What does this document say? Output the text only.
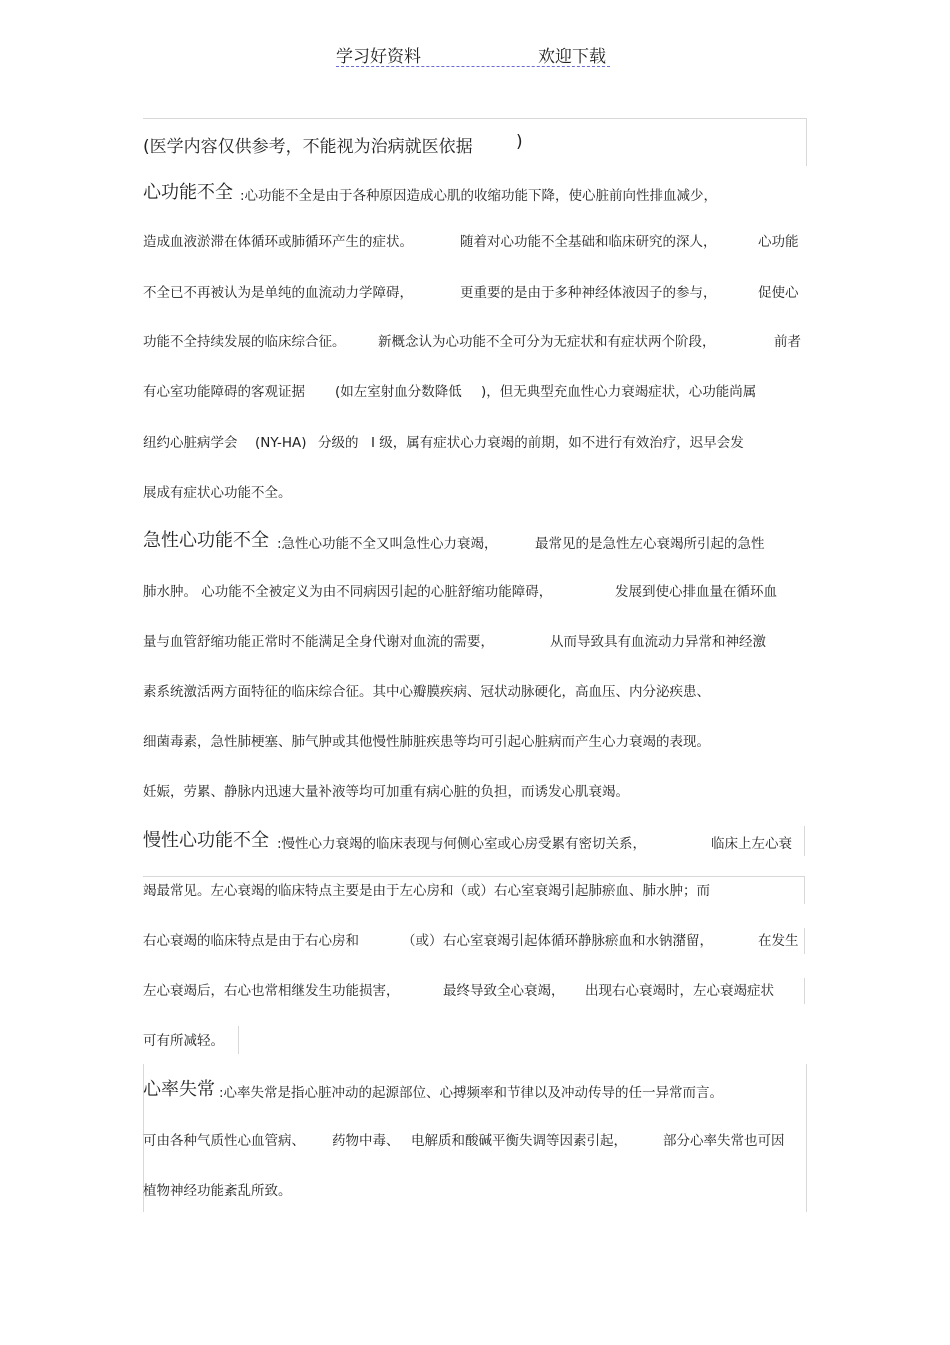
学习好资料	欢迎下载
(医学内容仅供参考，不能视为治病就医依据	)
心功能不全 :心功能不全是由于各种原因造成心肌的收缩功能下降，使心脏前向性排血减少，
造成血液淤滞在体循环或肺循环产生的症状。	随着对心功能不全基础和临床研究的深人，	心功能
不全已不再被认为是单纯的血流动力学障碍，	更重要的是由于多种神经体液因子的参与，	促使心
功能不全持续发展的临床综合征。 新概念认为心功能不全可分为无症状和有症状两个阶段，	前者
有心室功能障碍的客观证据 (如左室射血分数降低 )，但无典型充血性心力衰竭症状，心功能尚属
纽约心脏病学会 (NY-HA) 分级的 I 级，属有症状心力衰竭的前期，如不进行有效治疗，迟早会发
展成有症状心功能不全。
急性心功能不全 :急性心功能不全又叫急性心力衰竭，	最常见的是急性左心衰竭所引起的急性
肺水肿。 心功能不全被定义为由不同病因引起的心脏舒缩功能障碍，	发展到使心排血量在循环血
量与血管舒缩功能正常时不能满足全身代谢对血流的需要，	从而导致具有血流动力异常和神经激
素系统激活两方面特征的临床综合征。其中心瓣膜疾病、冠状动脉硬化，高血压、内分泌疾患、
细菌毒素，急性肺梗塞、肺气肿或其他慢性肺脏疾患等均可引起心脏病而产生心力衰竭的表现。
妊娠，劳累、静脉内迅速大量补液等均可加重有病心脏的负担，而诱发心肌衰竭。
慢性心功能不全 :慢性心力衰竭的临床表现与何侧心室或心房受累有密切关系，	临床上左心衰
竭最常见。左心衰竭的临床特点主要是由于左心房和（或）右心室衰竭引起肺瘀血、肺水肿；而
右心衰竭的临床特点是由于右心房和	（或） 右心室衰竭引起体循环静脉瘀血和水钠潴留，	在发生
左心衰竭后，右心也常相继发生功能损害，	最终导致全心衰竭， 出现右心衰竭时，左心衰竭症状
可有所减轻。
心率失常 :心率失常是指心脏冲动的起源部位、心搏频率和节律以及冲动传导的任一异常而言。
可由各种气质性心血管病、 药物中毒、 电解质和酸碱平衡失调等因素引起，	部分心率失常也可因
植物神经功能紊乱所致。
